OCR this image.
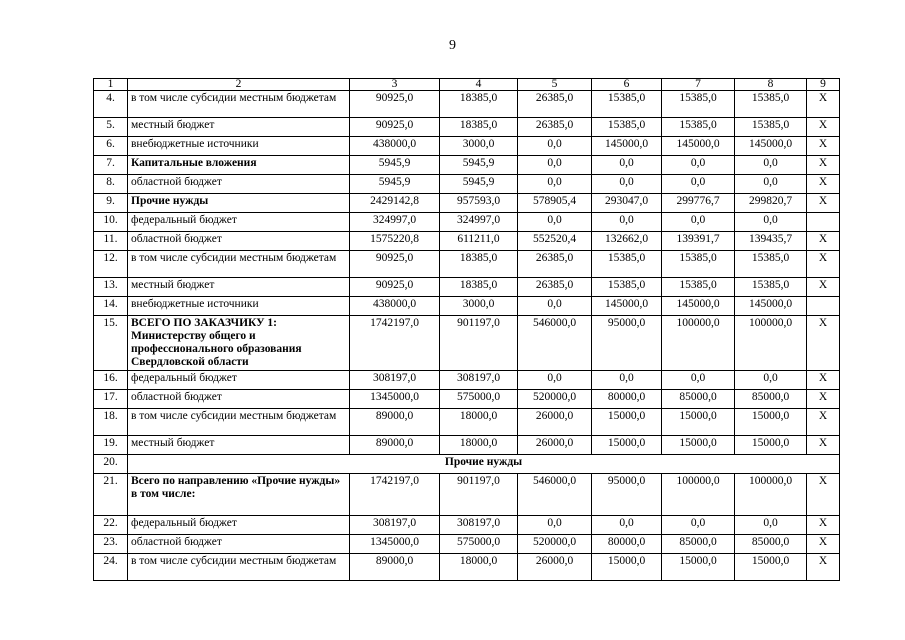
9
1	2	3	4	5	6	7	8	9
4.	в том числе субсидии местным бюджетам	90925,0	18385,0	26385,0	15385,0	15385,0	15385,0	Х
5.	местный бюджет	90925,0	18385,0	26385,0	15385,0	15385,0	15385,0	Х
6.	внебюджетные источники	438000,0	3000,0	0,0	145000,0	145000,0	145000,0	Х
7.	Капитальные вложения	5945,9	5945,9	0,0	0,0	0,0	0,0	Х
8.	областной бюджет	5945,9	5945,9	0,0	0,0	0,0	0,0	Х
9.	Прочие нужды	2429142,8	957593,0	578905,4	293047,0	299776,7	299820,7	Х
10.	федеральный бюджет	324997,0	324997,0	0,0	0,0	0,0	0,0	
11.	областной бюджет	1575220,8	611211,0	552520,4	132662,0	139391,7	139435,7	Х
12.	в том числе субсидии местным бюджетам	90925,0	18385,0	26385,0	15385,0	15385,0	15385,0	Х
13.	местный бюджет	90925,0	18385,0	26385,0	15385,0	15385,0	15385,0	Х
14.	внебюджетные источники	438000,0	3000,0	0,0	145000,0	145000,0	145000,0	
15.	ВСЕГО ПО ЗАКАЗЧИКУ 1: Министерству общего и профессионального образования Свердловской области	1742197,0	901197,0	546000,0	95000,0	100000,0	100000,0	Х
16.	федеральный бюджет	308197,0	308197,0	0,0	0,0	0,0	0,0	Х
17.	областной бюджет	1345000,0	575000,0	520000,0	80000,0	85000,0	85000,0	Х
18.	в том числе субсидии местным бюджетам	89000,0	18000,0	26000,0	15000,0	15000,0	15000,0	Х
19.	местный бюджет	89000,0	18000,0	26000,0	15000,0	15000,0	15000,0	Х
20.	Прочие нужды							
21.	Всего по направлению «Прочие нужды» в том числе:	1742197,0	901197,0	546000,0	95000,0	100000,0	100000,0	Х
22.	федеральный бюджет	308197,0	308197,0	0,0	0,0	0,0	0,0	Х
23.	областной бюджет	1345000,0	575000,0	520000,0	80000,0	85000,0	85000,0	Х
24.	в том числе субсидии местным бюджетам	89000,0	18000,0	26000,0	15000,0	15000,0	15000,0	Х
